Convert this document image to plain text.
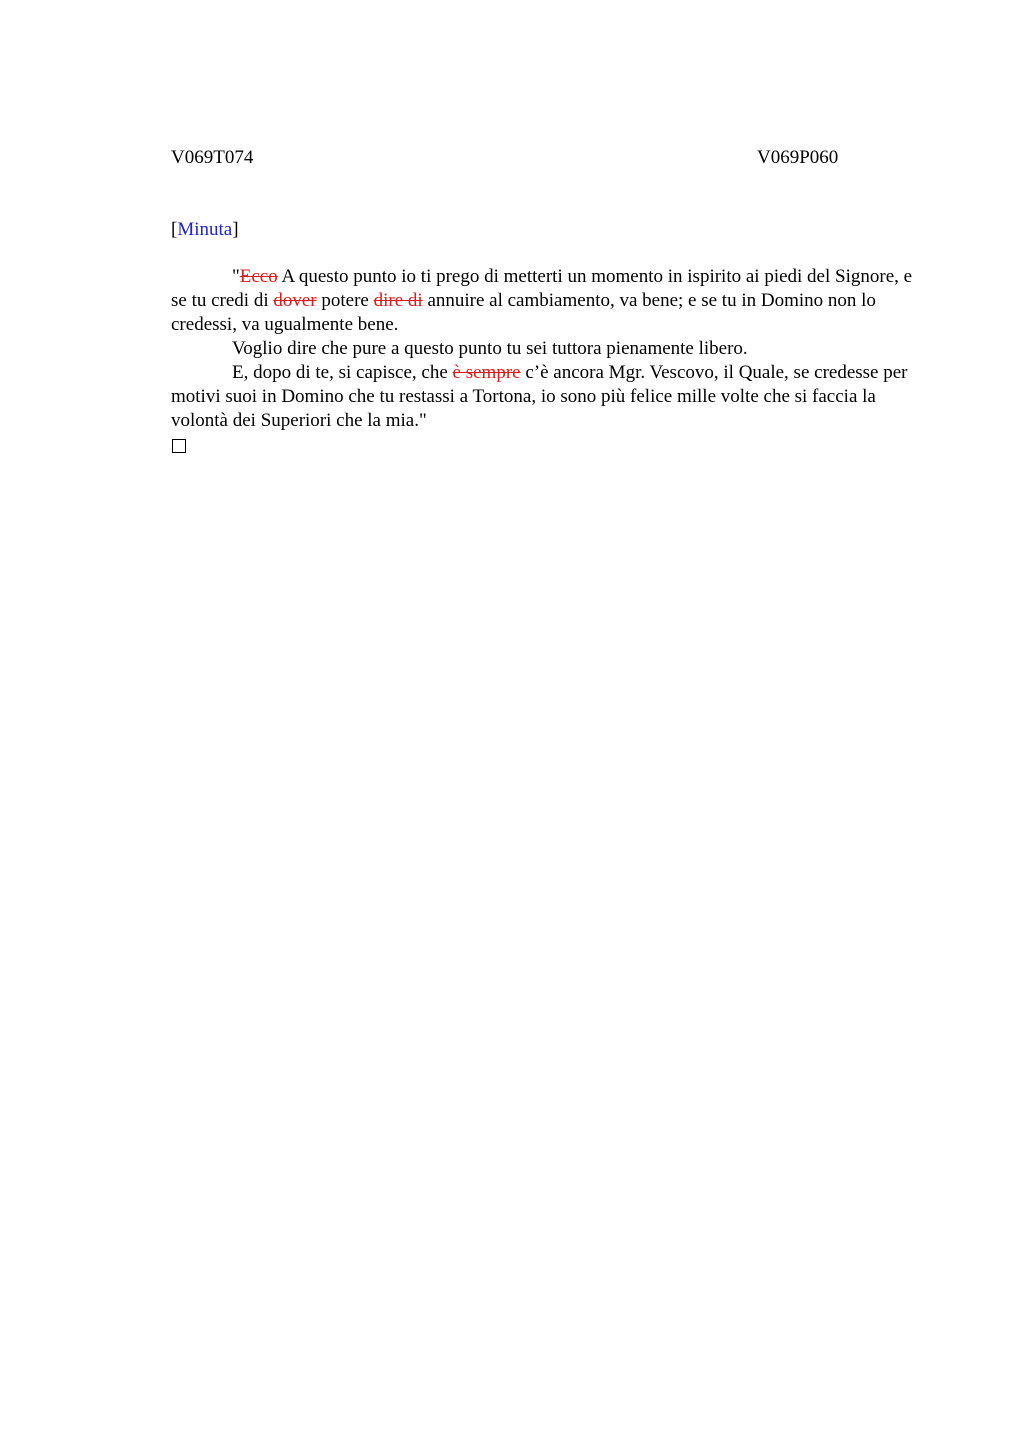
V069T074	V069P060
[Minuta]

"Ecco A questo punto io ti prego di metterti un momento in ispirito ai piedi del Signore, e se tu credi di dover potere dire di annuire al cambiamento, va bene; e se tu in Domino non lo credessi, va ugualmente bene.

Voglio dire che pure a questo punto tu sei tuttora pienamente libero.

E, dopo di te, si capisce, che è sempre c’è ancora Mgr. Vescovo, il Quale, se credesse per motivi suoi in Domino che tu restassi a Tortona, io sono più felice mille volte che si faccia la volontà dei Superiori che la mia."
